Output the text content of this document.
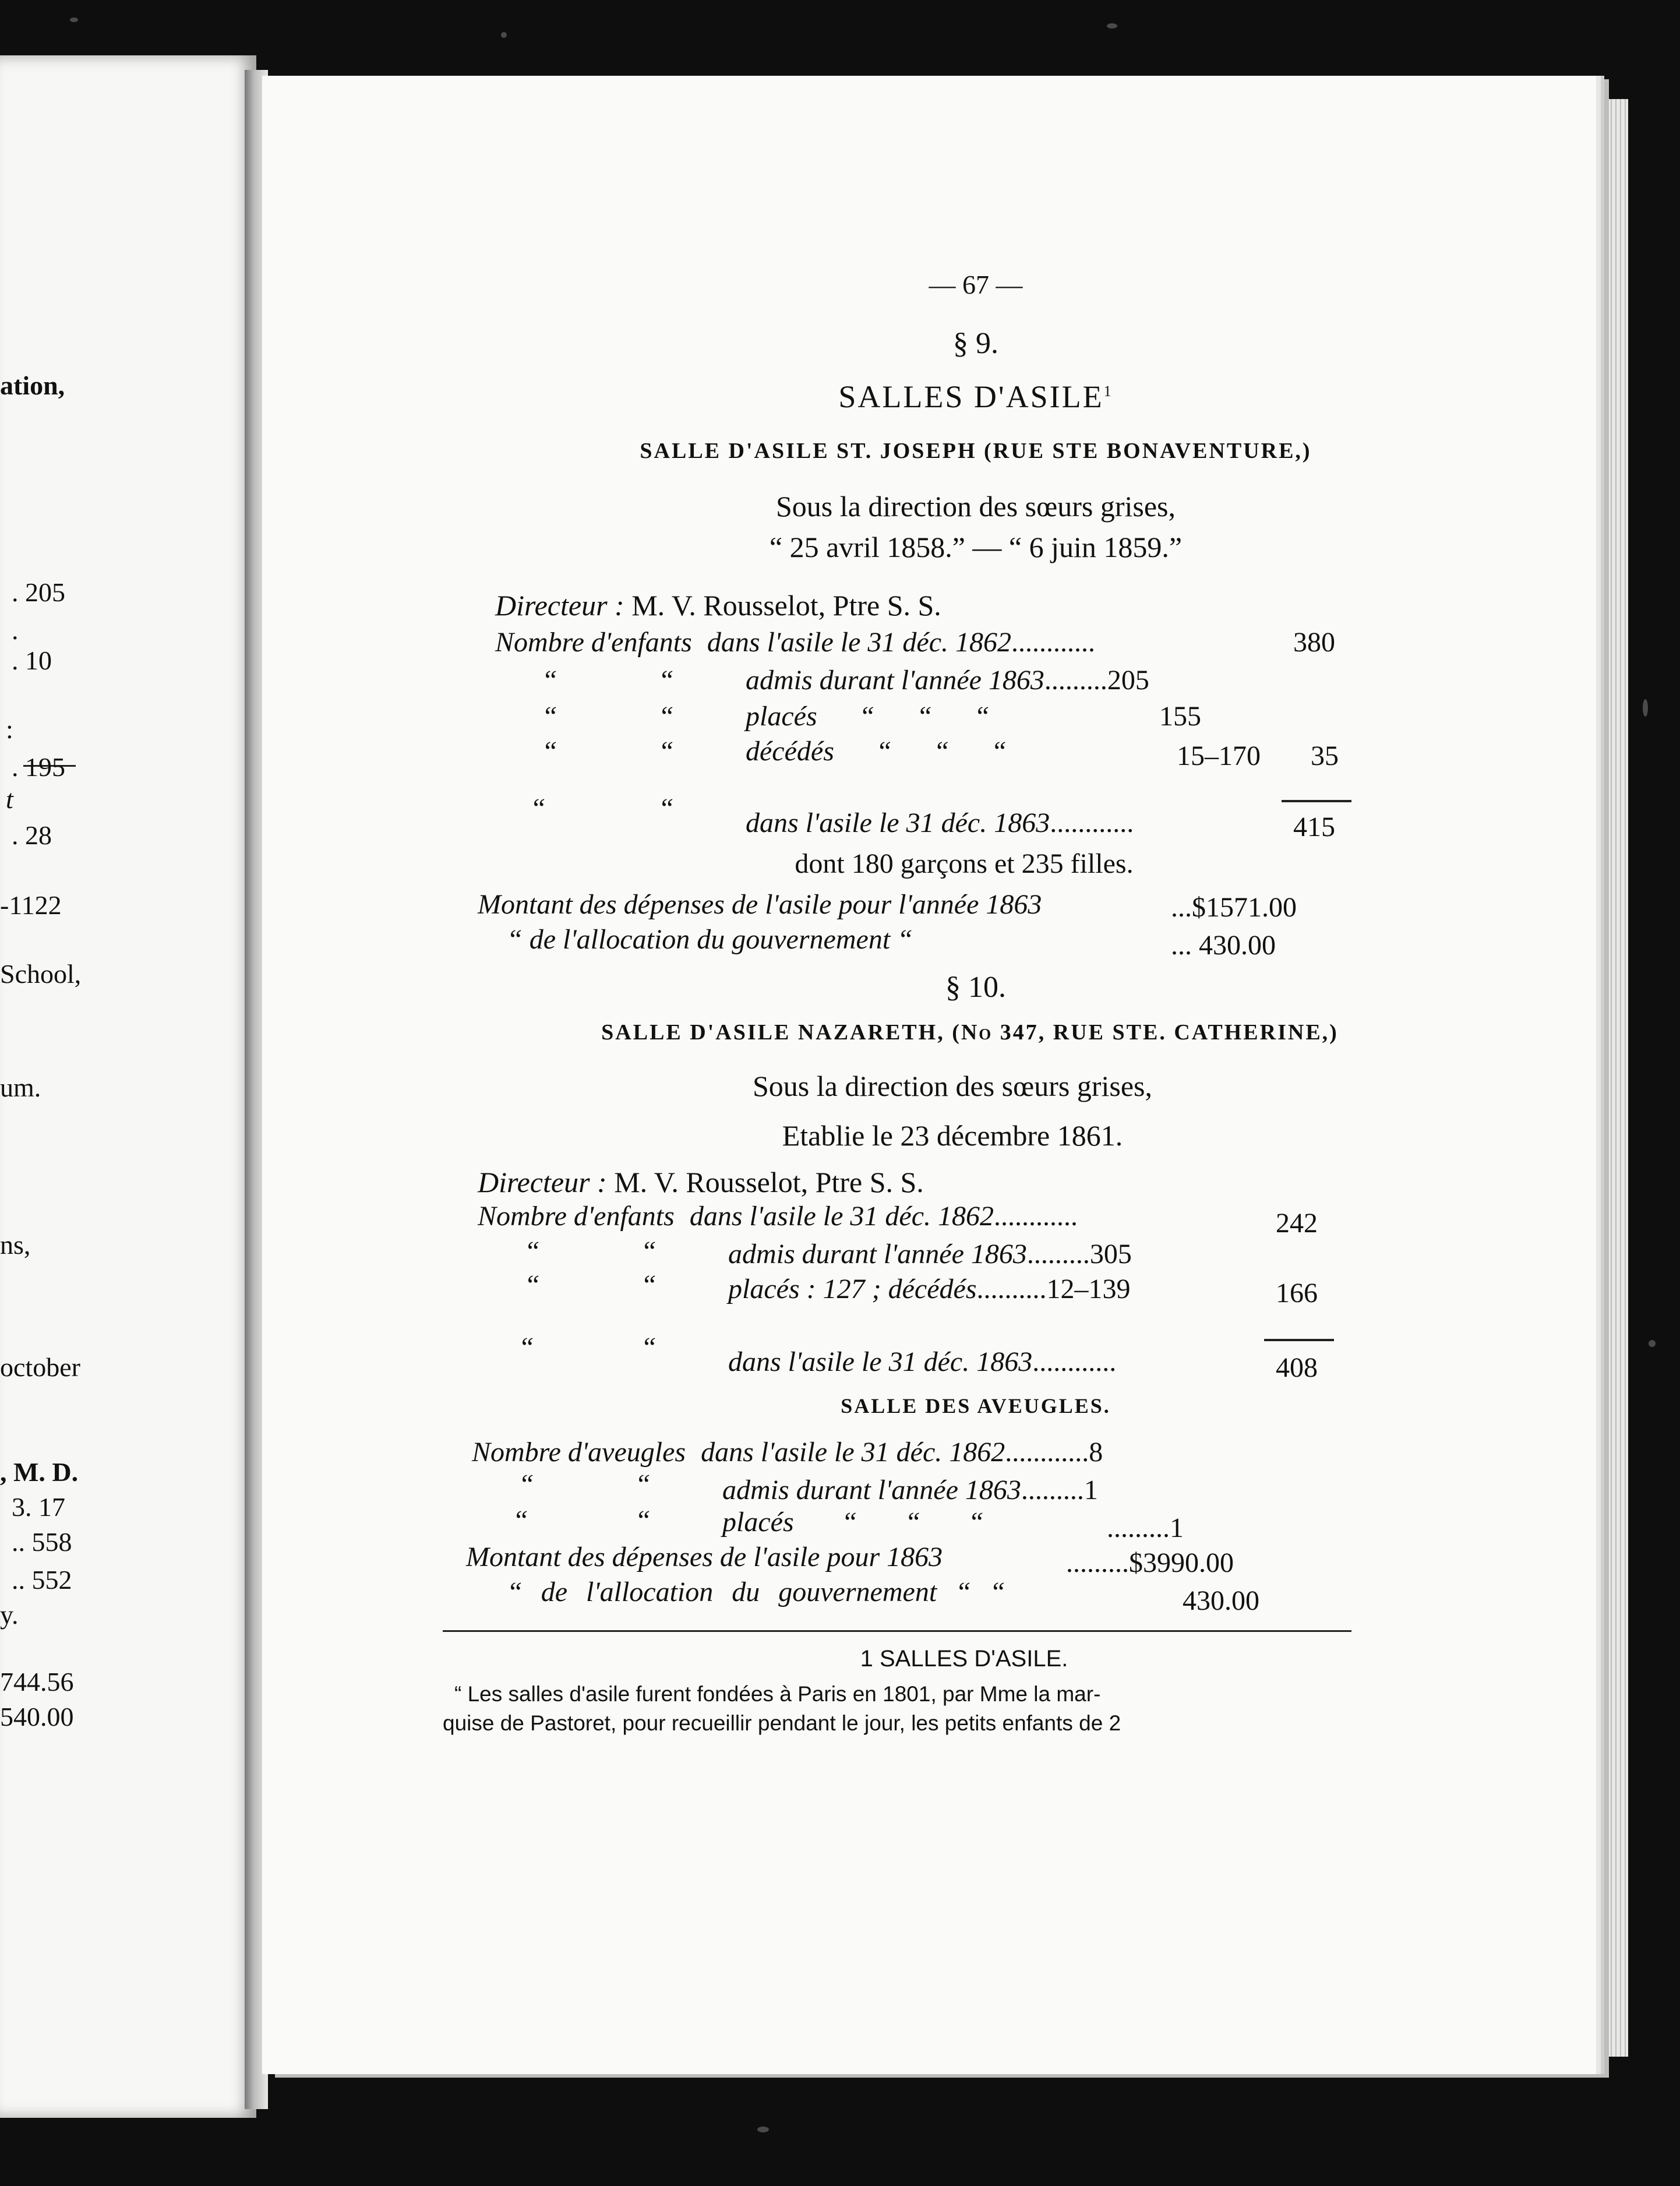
ation,
. 205
.
. 10
:
. 195
t
. 28
-1122
School,
um.
ns,
october
, M. D.
3. 17
.. 558
.. 552
y.
744.56
540.00
— 67 —
§ 9.
SALLES D'ASILE$^1$
SALLE D'ASILE ST. JOSEPH (RUE STE BONAVENTURE,)
Sous la direction des sœurs grises,
“ 25 avril 1858.” — “ 6 juin 1859.”
Directeur : M. V. Rousselot, Ptre S. S.
Nombre d'enfants dans l'asile le 31 déc. 1862............	380
“	“	admis durant l'année 1863.........205
“	“	placés “ “ “	155
“	“	décédés “ “ “	15–170 35
“	“	dans l'asile le 31 déc. 1863............	415
dont 180 garçons et 235 filles.
Montant des dépenses de l'asile pour l'année 1863	...$1571.00
“ de l'allocation du gouvernement “	... 430.00
§ 10.
SALLE D'ASILE NAZARETH, (No 347, RUE STE. CATHERINE,)
Sous la direction des sœurs grises,
Etablie le 23 décembre 1861.
Directeur : M. V. Rousselot, Ptre S. S.
Nombre d'enfants dans l'asile le 31 déc. 1862............	242
“	“	admis durant l'année 1863.........305
“	“	placés : 127 ; décédés..........12–139	166
“	“	dans l'asile le 31 déc. 1863............	408
SALLE DES AVEUGLES.
Nombre d'aveugles dans l'asile le 31 déc. 1862............8
“	“	admis durant l'année 1863.........1
“	“	placés “ “ “	.........1
Montant des dépenses de l'asile pour 1863	.........$3990.00
“ de l'allocation du gouvernement “ “	430.00
1 SALLES D'ASILE.
“ Les salles d'asile furent fondées à Paris en 1801, par Mme la mar-
quise de Pastoret, pour recueillir pendant le jour, les petits enfants de 2
